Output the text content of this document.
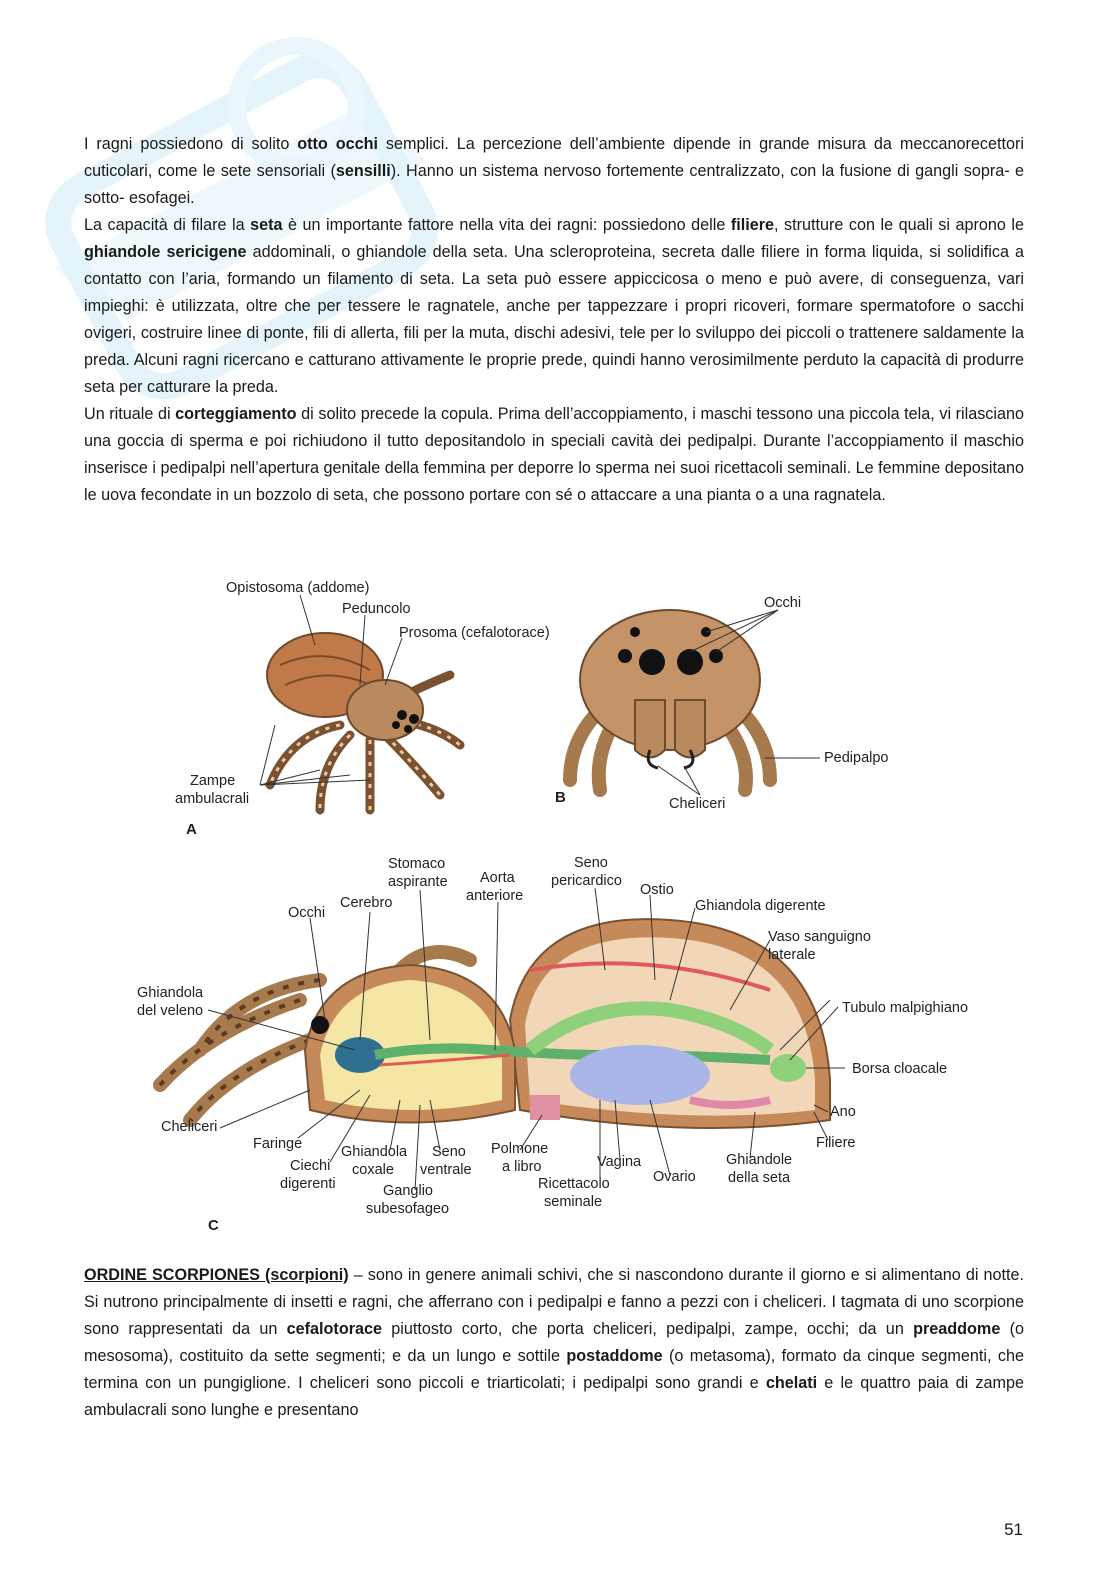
I ragni possiedono di solito otto occhi semplici. La percezione dell’ambiente dipende in grande misura da meccanorecettori cuticolari, come le sete sensoriali (sensilli). Hanno un sistema nervoso fortemente centralizzato, con la fusione di gangli sopra- e sotto- esofagei.

La capacità di filare la seta è un importante fattore nella vita dei ragni: possiedono delle filiere, strutture con le quali si aprono le ghiandole sericigene addominali, o ghiandole della seta. Una scleroproteina, secreta dalle filiere in forma liquida, si solidifica a contatto con l’aria, formando un filamento di seta. La seta può essere appiccicosa o meno e può avere, di conseguenza, vari impieghi: è utilizzata, oltre che per tessere le ragnatele, anche per tappezzare i propri ricoveri, formare spermatofore o sacchi ovigeri, costruire linee di ponte, fili di allerta, fili per la muta, dischi adesivi, tele per lo sviluppo dei piccoli o trattenere saldamente la preda. Alcuni ragni ricercano e catturano attivamente le proprie prede, quindi hanno verosimilmente perduto la capacità di produrre seta per catturare la preda.

Un rituale di corteggiamento di solito precede la copula. Prima dell’accoppiamento, i maschi tessono una piccola tela, vi rilasciano una goccia di sperma e poi richiudono il tutto depositandolo in speciali cavità dei pedipalpi. Durante l’accoppiamento il maschio inserisce i pedipalpi nell’apertura genitale della femmina per deporre lo sperma nei suoi ricettacoli seminali. Le femmine depositano le uova fecondate in un bozzolo di seta, che possono portare con sé o attaccare a una pianta o a una ragnatela.

Opistosoma (addome)
Peduncolo
Prosoma (cefalotorace)
Zampe
ambulacrali
A
Occhi
Pedipalpo
Cheliceri
B
Stomaco
aspirante Aorta
anteriore
Seno
pericardico
Ostio
Ghiandola digerente
Vaso sanguigno
laterale
Occhi
Cerebro
Ghiandola
del veleno	Tubulo malpighiano
Borsa cloacale
Ano
Filiere
Cheliceri
Faringe
Ciechi
digerenti
Ghiandola
coxale
Seno
ventrale
Ganglio
subesofageo
Polmone
a libro
Ricettacolo
seminale
Vagina
Ovario
Ghiandole
della seta
C

ORDINE SCORPIONES (scorpioni) – sono in genere animali schivi, che si nascondono durante il giorno e si alimentano di notte. Si nutrono principalmente di insetti e ragni, che afferrano con i pedipalpi e fanno a pezzi con i cheliceri. I tagmata di uno scorpione sono rappresentati da un cefalotorace piuttosto corto, che porta cheliceri, pedipalpi, zampe, occhi; da un preaddome (o mesosoma), costituito da sette segmenti; e da un lungo e sottile postaddome (o metasoma), formato da cinque segmenti, che termina con un pungiglione. I cheliceri sono piccoli e triarticolati; i pedipalpi sono grandi e chelati e le quattro paia di zampe ambulacrali sono lunghe e presentano

51
